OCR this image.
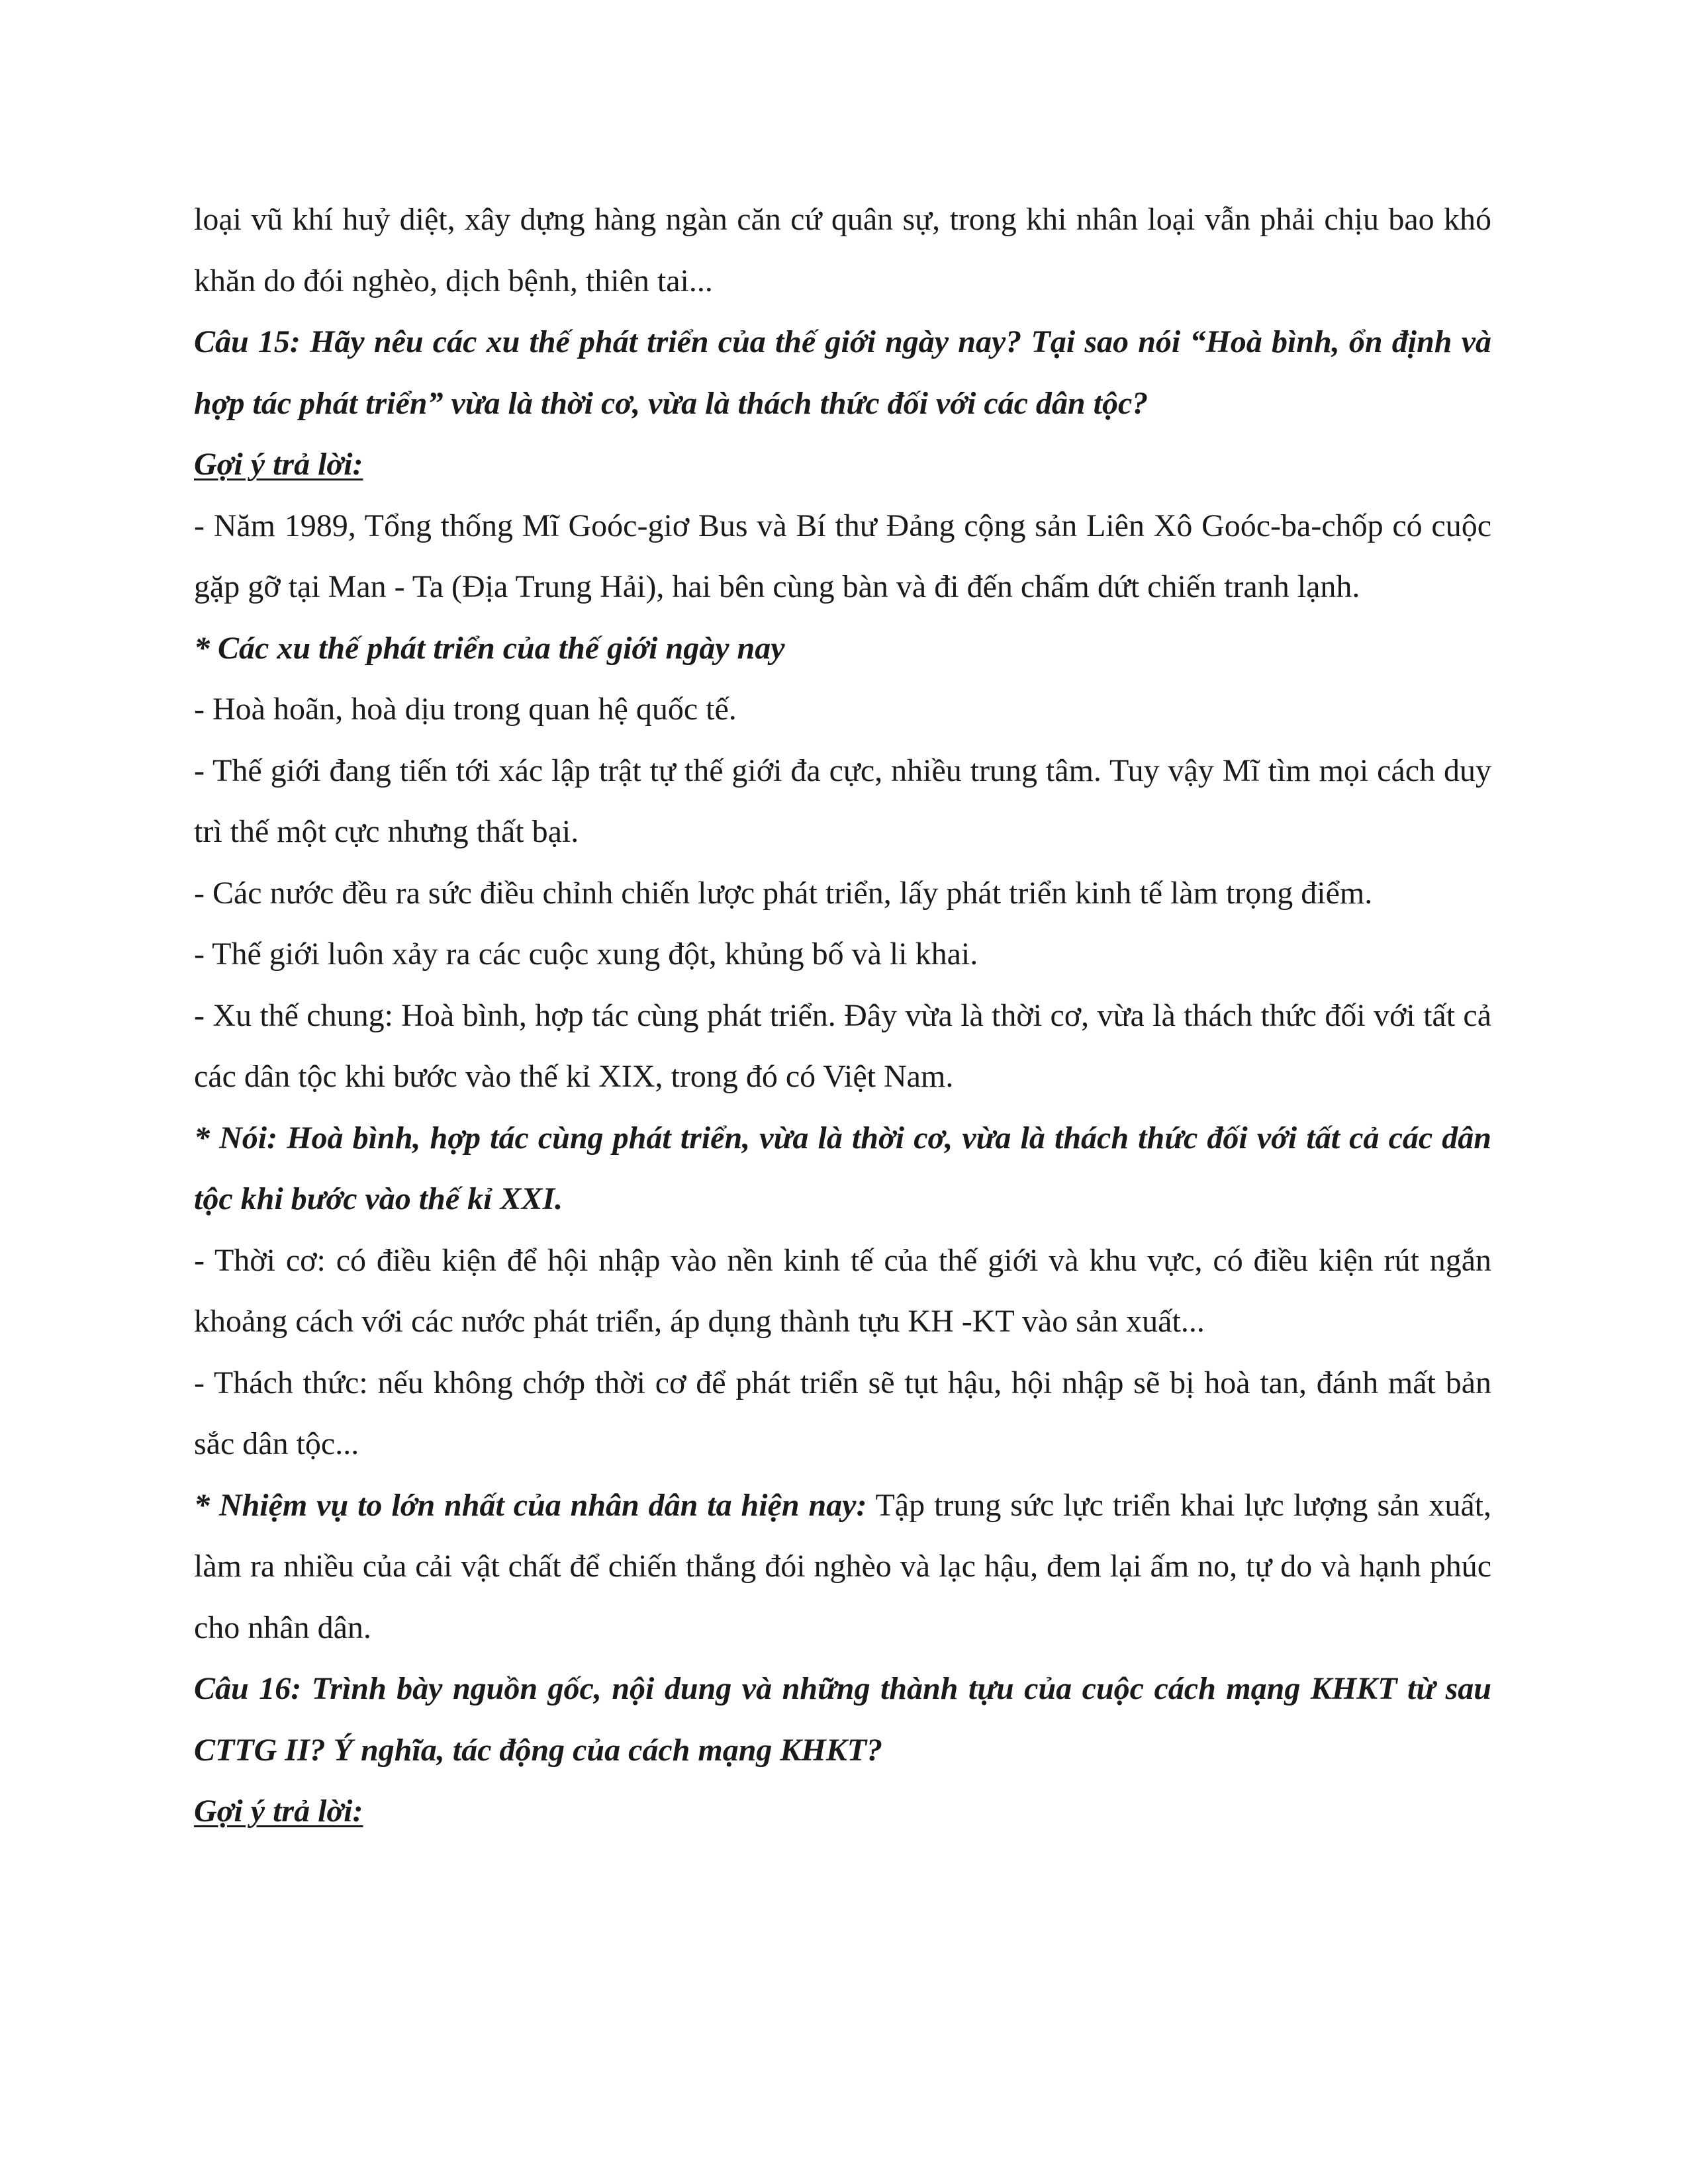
loại vũ khí huỷ diệt, xây dựng hàng ngàn căn cứ quân sự, trong khi nhân loại vẫn phải chịu bao khó khăn do đói nghèo, dịch bệnh, thiên tai...

Câu 15: Hãy nêu các xu thế phát triển của thế giới ngày nay? Tại sao nói “Hoà bình, ổn định và hợp tác phát triển” vừa là thời cơ, vừa là thách thức đối với các dân tộc?

Gợi ý trả lời:

- Năm 1989, Tổng thống Mĩ Goóc-giơ Bus và Bí thư Đảng cộng sản Liên Xô Goóc-ba-chốp có cuộc gặp gỡ tại Man - Ta (Địa Trung Hải), hai bên cùng bàn và đi đến chấm dứt chiến tranh lạnh.

* Các xu thế phát triển của thế giới ngày nay

- Hoà hoãn, hoà dịu trong quan hệ quốc tế.

- Thế giới đang tiến tới xác lập trật tự thế giới đa cực, nhiều trung tâm. Tuy vậy Mĩ tìm mọi cách duy trì thế một cực nhưng thất bại.

- Các nước đều ra sức điều chỉnh chiến lược phát triển, lấy phát triển kinh tế làm trọng điểm.

- Thế giới luôn xảy ra các cuộc xung đột, khủng bố và li khai.

- Xu thế chung: Hoà bình, hợp tác cùng phát triển. Đây vừa là thời cơ, vừa là thách thức đối với tất cả các dân tộc khi bước vào thế kỉ XIX, trong đó có Việt Nam.

* Nói: Hoà bình, hợp tác cùng phát triển, vừa là thời cơ, vừa là thách thức đối với tất cả các dân tộc khi bước vào thế kỉ XXI.

- Thời cơ: có điều kiện để hội nhập vào nền kinh tế của thế giới và khu vực, có điều kiện rút ngắn khoảng cách với các nước phát triển, áp dụng thành tựu KH -KT vào sản xuất...

- Thách thức: nếu không chớp thời cơ để phát triển sẽ tụt hậu, hội nhập sẽ bị hoà tan, đánh mất bản sắc dân tộc...

* Nhiệm vụ to lớn nhất của nhân dân ta hiện nay: Tập trung sức lực triển khai lực lượng sản xuất, làm ra nhiều của cải vật chất để chiến thắng đói nghèo và lạc hậu, đem lại ấm no, tự do và hạnh phúc cho nhân dân.

Câu 16: Trình bày nguồn gốc, nội dung và những thành tựu của cuộc cách mạng KHKT từ sau CTTG II? Ý nghĩa, tác động của cách mạng KHKT?

Gợi ý trả lời:
